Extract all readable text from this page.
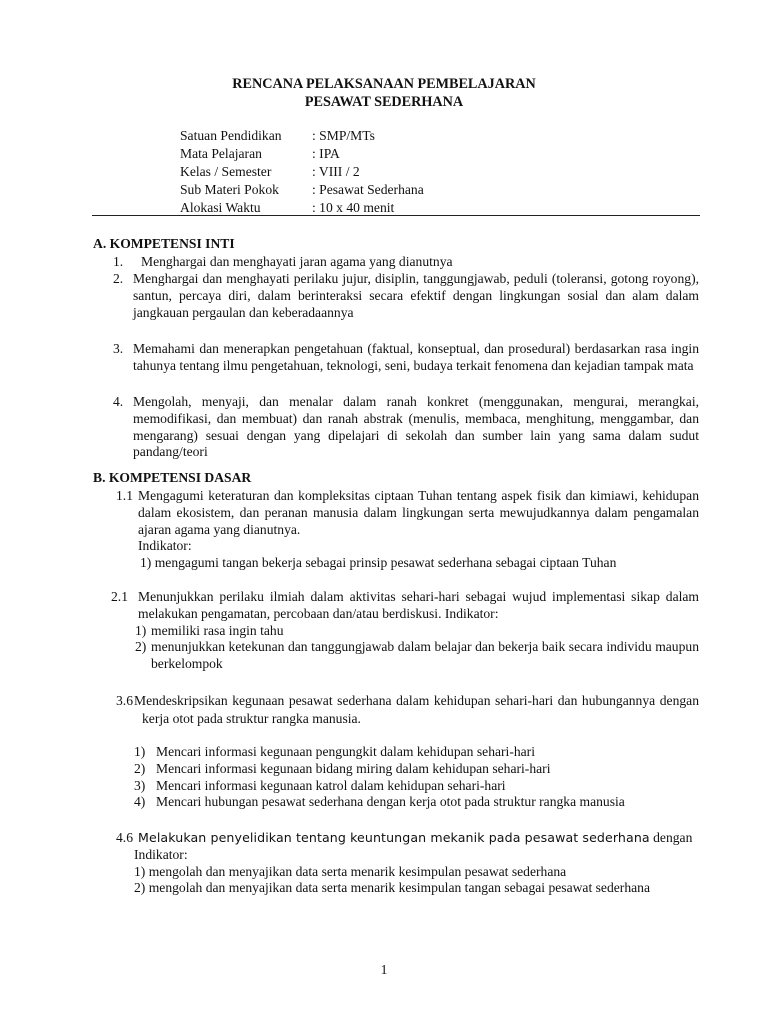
RENCANA PELAKSANAAN PEMBELAJARAN
PESAWAT SEDERHANA
Satuan Pendidikan : SMP/MTs
Mata Pelajaran	: IPA
Kelas / Semester	: VIII / 2
Sub Materi Pokok : Pesawat Sederhana
Alokasi Waktu	: 10 x 40 menit
A. KOMPETENSI INTI
1. Menghargai dan menghayati jaran agama yang dianutnya
2. Menghargai dan menghayati perilaku jujur, disiplin, tanggungjawab, peduli (toleransi, gotong royong), santun, percaya diri, dalam berinteraksi secara efektif dengan lingkungan sosial dan alam dalam jangkauan pergaulan dan keberadaannya
3. Memahami dan menerapkan pengetahuan (faktual, konseptual, dan prosedural) berdasarkan rasa ingin tahunya tentang ilmu pengetahuan, teknologi, seni, budaya terkait fenomena dan kejadian tampak mata
4. Mengolah, menyaji, dan menalar dalam ranah konkret (menggunakan, mengurai, merangkai, memodifikasi, dan membuat) dan ranah abstrak (menulis, membaca, menghitung, menggambar, dan mengarang) sesuai dengan yang dipelajari di sekolah dan sumber lain yang sama dalam sudut pandang/teori
B. KOMPETENSI DASAR
1.1 Mengagumi keteraturan dan kompleksitas ciptaan Tuhan tentang aspek fisik dan kimiawi, kehidupan dalam ekosistem, dan peranan manusia dalam lingkungan serta mewujudkannya dalam pengamalan ajaran agama yang dianutnya.
Indikator:
1) mengagumi tangan bekerja sebagai prinsip pesawat sederhana sebagai ciptaan Tuhan
2.1 Menunjukkan perilaku ilmiah dalam aktivitas sehari-hari sebagai wujud implementasi sikap dalam melakukan pengamatan, percobaan dan/atau berdiskusi. Indikator:
1) memiliki rasa ingin tahu
2) menunjukkan ketekunan dan tanggungjawab dalam belajar dan bekerja baik secara individu maupun berkelompok
3.6 Mendeskripsikan kegunaan pesawat sederhana dalam kehidupan sehari-hari dan hubungannya dengan kerja otot pada struktur rangka manusia.
1) Mencari informasi kegunaan pengungkit dalam kehidupan sehari-hari
2) Mencari informasi kegunaan bidang miring dalam kehidupan sehari-hari
3) Mencari informasi kegunaan katrol dalam kehidupan sehari-hari
4) Mencari hubungan pesawat sederhana dengan kerja otot pada struktur rangka manusia
4.6 Melakukan penyelidikan tentang keuntungan mekanik pada pesawat sederhana dengan
Indikator:
1) mengolah dan menyajikan data serta menarik kesimpulan pesawat sederhana
2) mengolah dan menyajikan data serta menarik kesimpulan tangan sebagai pesawat sederhana
1
